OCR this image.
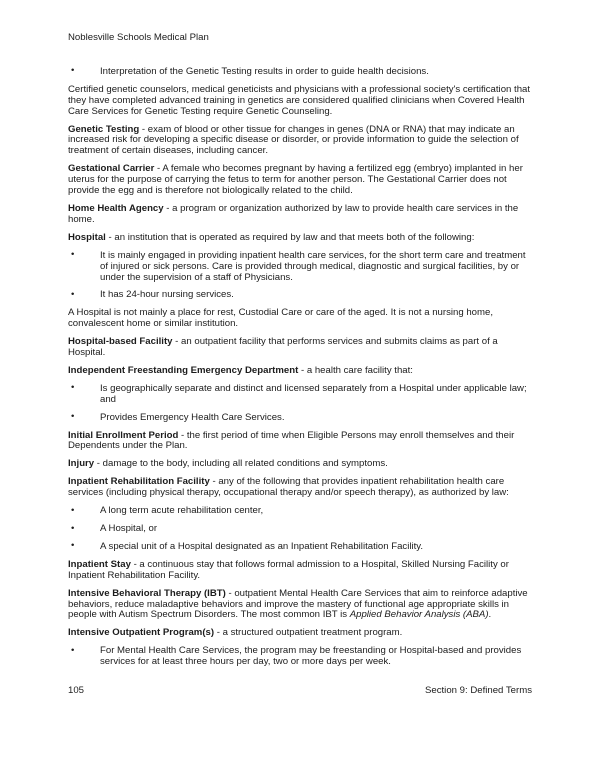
Noblesville Schools Medical Plan
•	Interpretation of the Genetic Testing results in order to guide health decisions.
Certified genetic counselors, medical geneticists and physicians with a professional society's certification that they have completed advanced training in genetics are considered qualified clinicians when Covered Health Care Services for Genetic Testing require Genetic Counseling.
Genetic Testing - exam of blood or other tissue for changes in genes (DNA or RNA) that may indicate an increased risk for developing a specific disease or disorder, or provide information to guide the selection of treatment of certain diseases, including cancer.
Gestational Carrier - A female who becomes pregnant by having a fertilized egg (embryo) implanted in her uterus for the purpose of carrying the fetus to term for another person. The Gestational Carrier does not provide the egg and is therefore not biologically related to the child.
Home Health Agency - a program or organization authorized by law to provide health care services in the home.
Hospital - an institution that is operated as required by law and that meets both of the following:
•	It is mainly engaged in providing inpatient health care services, for the short term care and treatment of injured or sick persons. Care is provided through medical, diagnostic and surgical facilities, by or under the supervision of a staff of Physicians.
•	It has 24-hour nursing services.
A Hospital is not mainly a place for rest, Custodial Care or care of the aged. It is not a nursing home, convalescent home or similar institution.
Hospital-based Facility - an outpatient facility that performs services and submits claims as part of a Hospital.
Independent Freestanding Emergency Department - a health care facility that:
•	Is geographically separate and distinct and licensed separately from a Hospital under applicable law; and
•	Provides Emergency Health Care Services.
Initial Enrollment Period - the first period of time when Eligible Persons may enroll themselves and their Dependents under the Plan.
Injury - damage to the body, including all related conditions and symptoms.
Inpatient Rehabilitation Facility - any of the following that provides inpatient rehabilitation health care services (including physical therapy, occupational therapy and/or speech therapy), as authorized by law:
•	A long term acute rehabilitation center,
•	A Hospital, or
•	A special unit of a Hospital designated as an Inpatient Rehabilitation Facility.
Inpatient Stay - a continuous stay that follows formal admission to a Hospital, Skilled Nursing Facility or Inpatient Rehabilitation Facility.
Intensive Behavioral Therapy (IBT) - outpatient Mental Health Care Services that aim to reinforce adaptive behaviors, reduce maladaptive behaviors and improve the mastery of functional age appropriate skills in people with Autism Spectrum Disorders. The most common IBT is Applied Behavior Analysis (ABA).
Intensive Outpatient Program(s) - a structured outpatient treatment program.
•	For Mental Health Care Services, the program may be freestanding or Hospital-based and provides services for at least three hours per day, two or more days per week.
105	Section 9: Defined Terms
